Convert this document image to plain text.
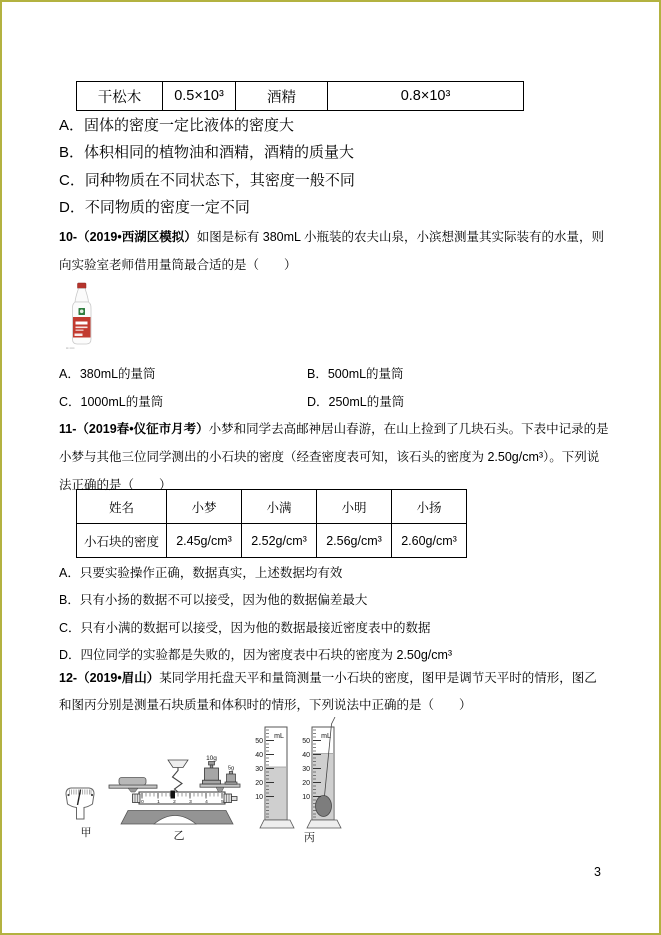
干松木	0.5×10³	酒精	0.8×10³
A．固体的密度一定比液体的密度大
B．体积相同的植物油和酒精，酒精的质量大
C．同种物质在不同状态下，其密度一般不同
D．不同物质的密度一定不同
10-（2019•西湖区模拟）如图是标有 380mL 小瓶装的农夫山泉，小滨想测量其实际装有的水量，则向实验室老师借用量筒最合适的是（　　）
A．380mL的量筒	B．500mL的量筒
C．1000mL的量筒	D．250mL的量筒
11-（2019春•仪征市月考）小梦和同学去高邮神居山春游，在山上捡到了几块石头。下表中记录的是小梦与其他三位同学测出的小石块的密度（经查密度表可知，该石头的密度为 2.50g/cm³）。下列说法正确的是（　　）
姓名	小梦	小满	小明	小扬
小石块的密度	2.45g/cm³	2.52g/cm³	2.56g/cm³	2.60g/cm³
A．只要实验操作正确，数据真实，上述数据均有效
B．只有小扬的数据不可以接受，因为他的数据偏差最大
C．只有小满的数据可以接受，因为他的数据最接近密度表中的数据
D．四位同学的实验都是失败的，因为密度表中石块的密度为 2.50g/cm³
12-（2019•眉山）某同学用托盘天平和量筒测量一小石块的密度，图甲是调节天平时的情形，图乙和图丙分别是测量石块质量和体积时的情形，下列说法中正确的是（　　）
甲
0	1	2	3	4	5
10g
5g
乙
50
40
30
20
10
mL
50
40
30
20
10
mL
丙
3
